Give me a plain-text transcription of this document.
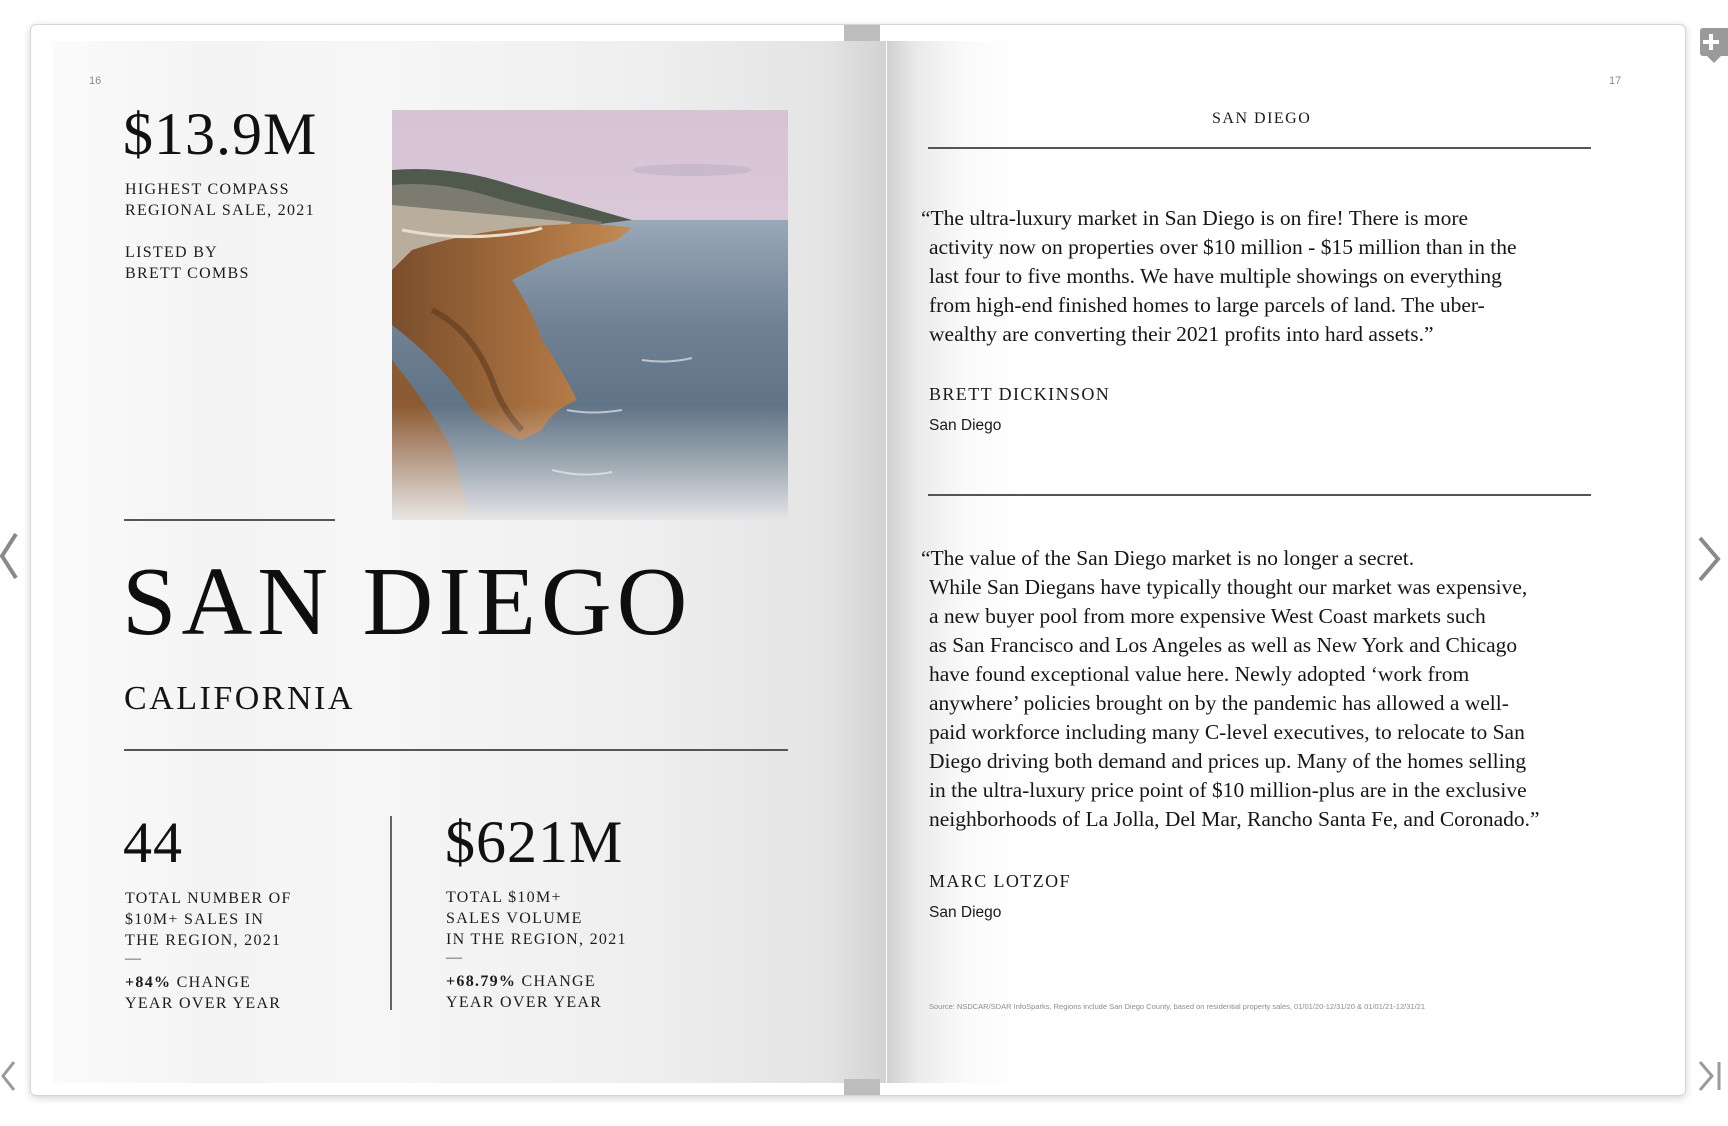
16
$13.9M
HIGHEST COMPASS
REGIONAL SALE, 2021
LISTED BY
BRETT COMBS
SAN DIEGO
CALIFORNIA
44
TOTAL NUMBER OF
$10M+ SALES IN
THE REGION, 2021
—
+84% CHANGE
YEAR OVER YEAR
$621M
TOTAL $10M+
SALES VOLUME
IN THE REGION, 2021
—
+68.79% CHANGE
YEAR OVER YEAR
17
SAN DIEGO
“The ultra-luxury market in San Diego is on fire! There is more
activity now on properties over $10 million - $15 million than in the
last four to five months. We have multiple showings on everything
from high-end finished homes to large parcels of land. The uber-
wealthy are converting their 2021 profits into hard assets.”
BRETT DICKINSON
San Diego
“The value of the San Diego market is no longer a secret.
While San Diegans have typically thought our market was expensive,
a new buyer pool from more expensive West Coast markets such
as San Francisco and Los Angeles as well as New York and Chicago
have found exceptional value here. Newly adopted ‘work from
anywhere’ policies brought on by the pandemic has allowed a well-
paid workforce including many C-level executives, to relocate to San
Diego driving both demand and prices up. Many of the homes selling
in the ultra-luxury price point of $10 million-plus are in the exclusive
neighborhoods of La Jolla, Del Mar, Rancho Santa Fe, and Coronado.”
MARC LOTZOF
San Diego
Source: NSDCAR/SDAR InfoSparks, Regions include San Diego County, based on residential property sales, 01/01/20-12/31/20 & 01/01/21-12/31/21
